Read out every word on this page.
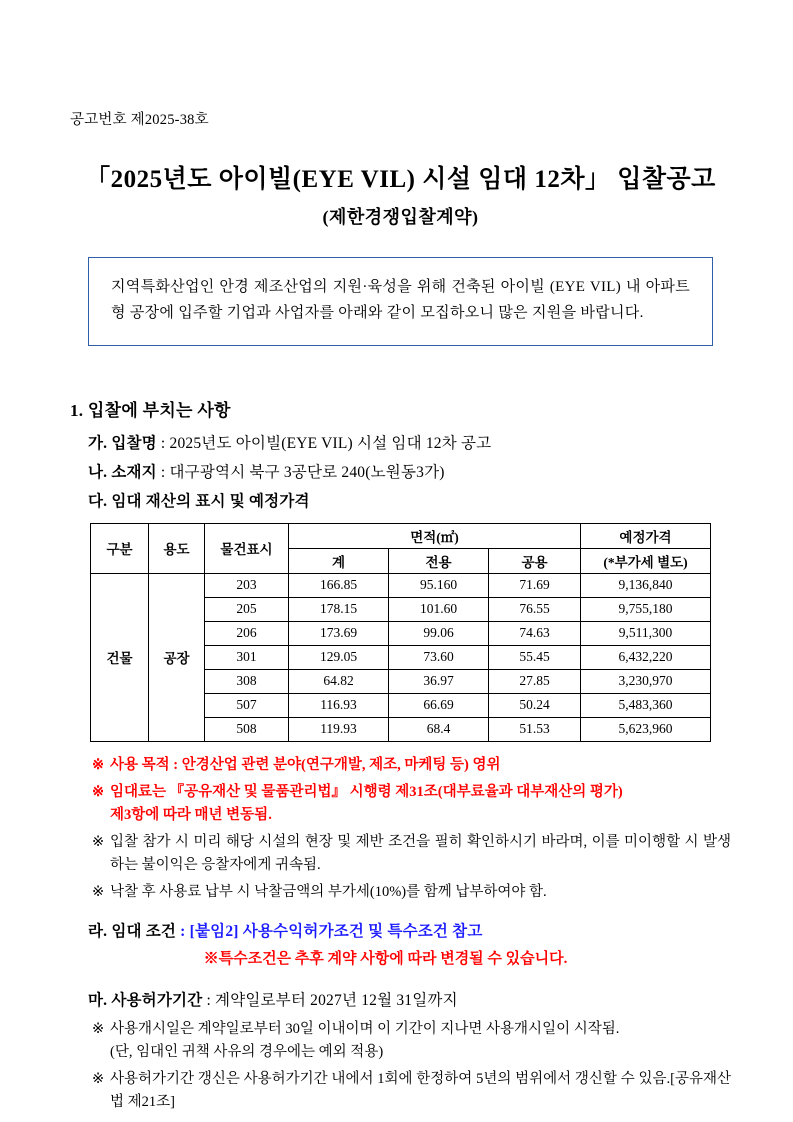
공고번호 제2025-38호
「2025년도 아이빌(EYE VIL) 시설 임대 12차」 입찰공고
(제한경쟁입찰계약)
지역특화산업인 안경 제조산업의 지원·육성을 위해 건축된 아이빌 (EYE VIL) 내 아파트형 공장에 입주할 기업과 사업자를 아래와 같이 모집하오니 많은 지원을 바랍니다.
1. 입찰에 부치는 사항
가. 입찰명 : 2025년도 아이빌(EYE VIL) 시설 임대 12차 공고
나. 소재지 : 대구광역시 북구 3공단로 240(노원동3가)
다. 임대 재산의 표시 및 예정가격
구분	용도	물건표시	면적(㎡)			예정가격
			계	전용	공용	(*부가세 별도)
건물	공장	203	166.85	95.160	71.69	9,136,840
		205	178.15	101.60	76.55	9,755,180
		206	173.69	99.06	74.63	9,511,300
		301	129.05	73.60	55.45	6,432,220
		308	64.82	36.97	27.85	3,230,970
		507	116.93	66.69	50.24	5,483,360
		508	119.93	68.4	51.53	5,623,960
※ 사용 목적 : 안경산업 관련 분야(연구개발, 제조, 마케팅 등) 영위
※ 임대료는 『공유재산 및 물품관리법』 시행령 제31조(대부료율과 대부재산의 평가)
제3항에 따라 매년 변동됨.
※ 입찰 참가 시 미리 해당 시설의 현장 및 제반 조건을 필히 확인하시기 바라며, 이를 미이행할 시 발생하는 불이익은 응찰자에게 귀속됨.
※ 낙찰 후 사용료 납부 시 낙찰금액의 부가세(10%)를 함께 납부하여야 함.
라. 임대 조건 : [붙임2] 사용수익허가조건 및 특수조건 참고
※특수조건은 추후 계약 사항에 따라 변경될 수 있습니다.
마. 사용허가기간 : 계약일로부터 2027년 12월 31일까지
※ 사용개시일은 계약일로부터 30일 이내이며 이 기간이 지나면 사용개시일이 시작됨.
(단, 임대인 귀책 사유의 경우에는 예외 적용)
※ 사용허가기간 갱신은 사용허가기간 내에서 1회에 한정하여 5년의 범위에서 갱신할 수 있음.[공유재산법 제21조]
